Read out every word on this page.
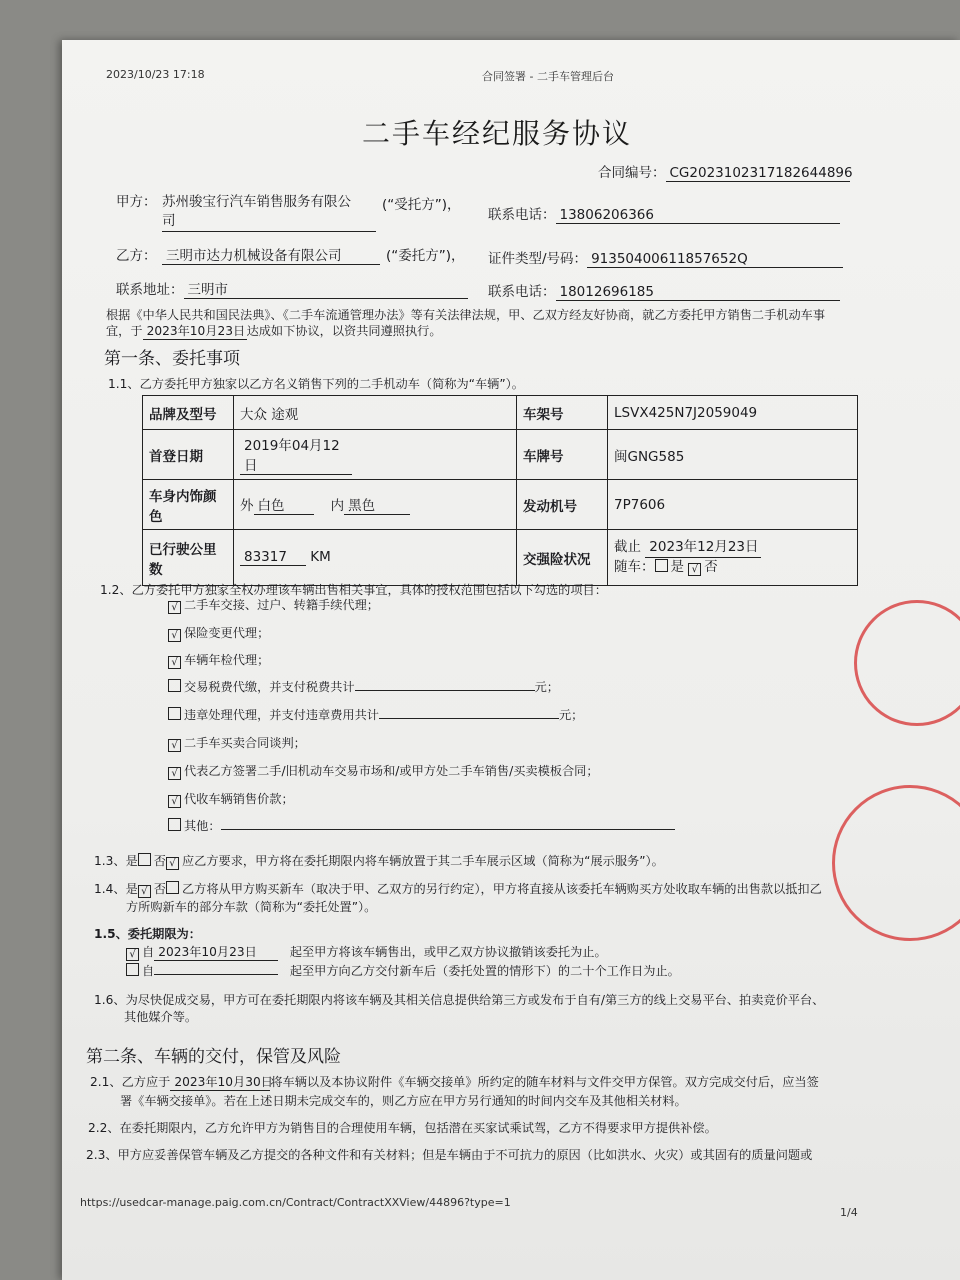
2023/10/23 17:18	合同签署 - 二手车管理后台
二手车经纪服务协议
合同编号： CG2023102317182644896
甲方： 苏州骏宝行汽车销售服务有限公
司
(“受托方”)，
联系电话： 13806206366
乙方： 三明市达力机械设备有限公司	(“委托方”)， 证件类型/号码： 91350400611857652Q
联系地址： 三明市	联系电话： 18012696185
根据《中华人民共和国民法典》、《二手车流通管理办法》等有关法律法规，甲、乙双方经友好协商，就乙方委托甲方销售二手机动车事
宜，于 2023年10月23日达成如下协议，以资共同遵照执行。
第一条、委托事项
1.1、乙方委托甲方独家以乙方名义销售下列的二手机动车（简称为“车辆”）。
品牌及型号	大众 途观	车架号	LSVX425N7J2059049
首登日期	2019年04月12日	车牌号	闽GNG585
车身内饰颜色	外 白色 内 黑色	发动机号	7P7606
已行驶公里数	83317 KM	交强险状况	截止 2023年12月23日
随车： 是 √ 否
1.2、乙方委托甲方独家全权办理该车辆出售相关事宜，具体的授权范围包括以下勾选的项目：
√ 二手车交接、过户、转籍手续代理；
√ 保险变更代理；
√ 车辆年检代理；
交易税费代缴，并支付税费共计	元；
违章处理代理，并支付违章费用共计	元；
√ 二手车买卖合同谈判；
√ 代表乙方签署二手/旧机动车交易市场和/或甲方处二手车销售/买卖模板合同；
√ 代收车辆销售价款；
其他：
1.3、是 否 √ 应乙方要求，甲方将在委托期限内将车辆放置于其二手车展示区域（简称为“展示服务”）。
1.4、是 √ 否 乙方将从甲方购买新车（取决于甲、乙双方的另行约定），甲方将直接从该委托车辆购买方处收取车辆的出售款以抵扣乙
方所购新车的部分车款（简称为“委托处置”）。
1.5、委托期限为：
√ 自 2023年10月23日	起至甲方将该车辆售出，或甲乙双方协议撤销该委托为止。
自	起至甲方向乙方交付新车后（委托处置的情形下）的二十个工作日为止。
1.6、为尽快促成交易，甲方可在委托期限内将该车辆及其相关信息提供给第三方或发布于自有/第三方的线上交易平台、拍卖竞价平台、
其他媒介等。
第二条、车辆的交付，保管及风险
2.1、乙方应于 2023年10月30日将车辆以及本协议附件《车辆交接单》所约定的随车材料与文件交甲方保管。双方完成交付后，应当签
署《车辆交接单》。若在上述日期未完成交车的，则乙方应在甲方另行通知的时间内交车及其他相关材料。
2.2、在委托期限内，乙方允许甲方为销售目的合理使用车辆，包括潜在买家试乘试驾，乙方不得要求甲方提供补偿。
2.3、甲方应妥善保管车辆及乙方提交的各种文件和有关材料；但是车辆由于不可抗力的原因（比如洪水、火灾）或其固有的质量问题或
https://usedcar-manage.paig.com.cn/Contract/ContractXXView/44896?type=1
1/4
